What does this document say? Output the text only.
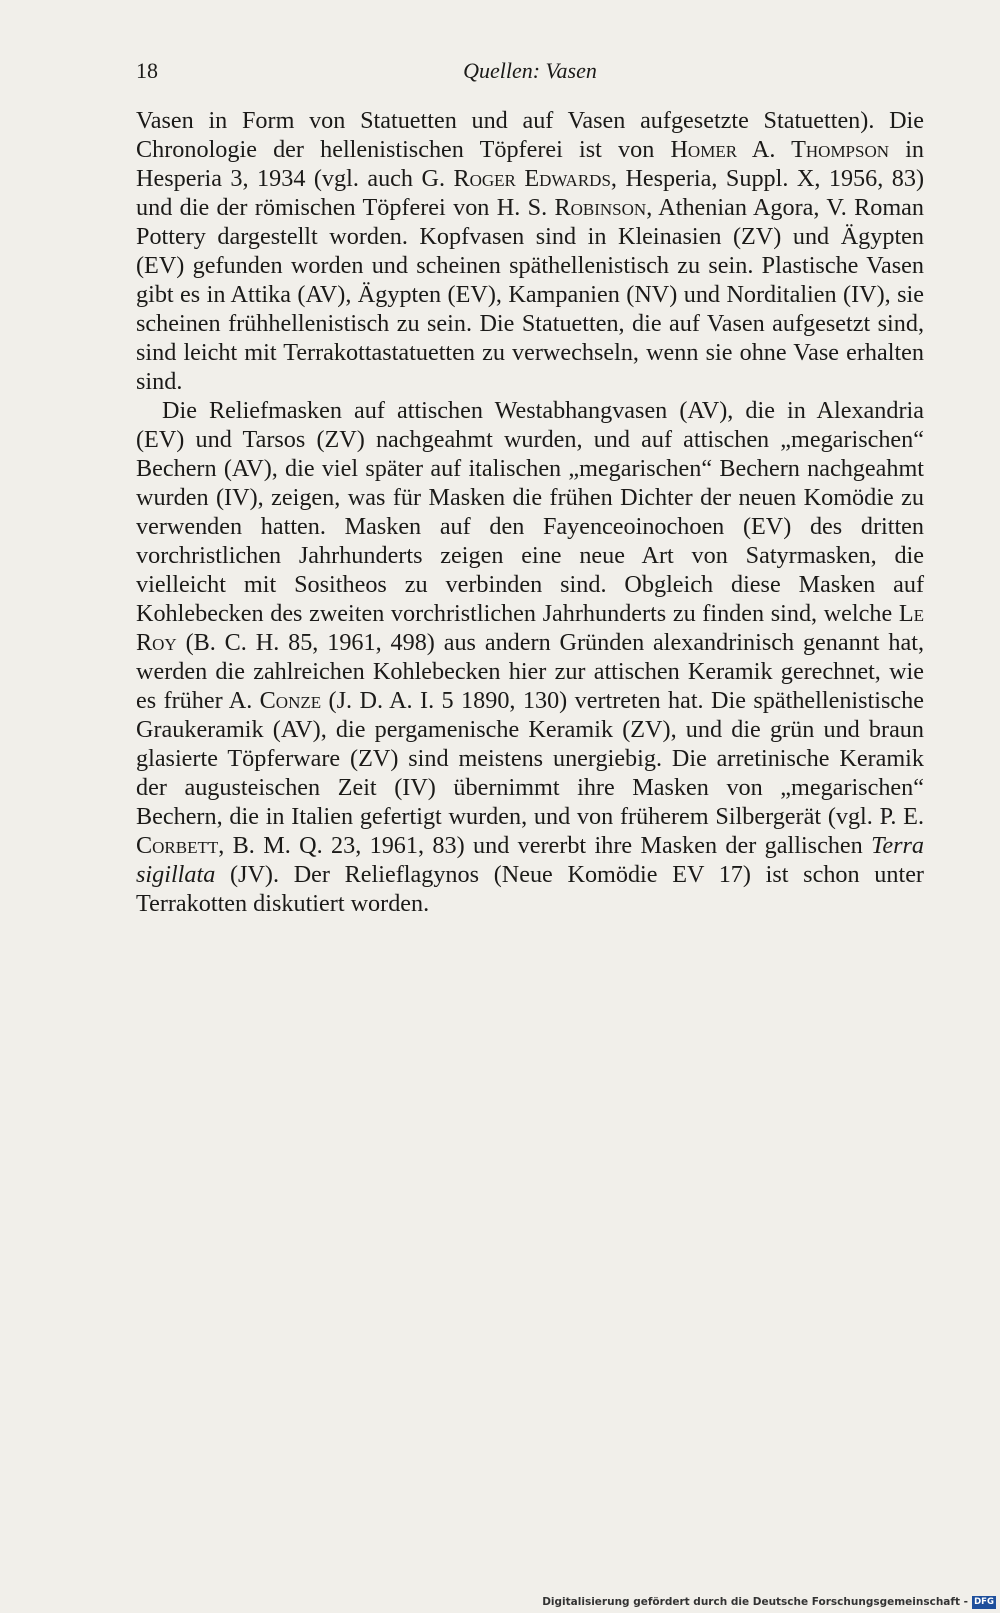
18	Quellen: Vasen

Vasen in Form von Statuetten und auf Vasen aufgesetzte Statuetten). Die Chronologie der hellenistischen Töpferei ist von Homer A. Thompson in Hesperia 3, 1934 (vgl. auch G. Roger Edwards, Hesperia, Suppl. X, 1956, 83) und die der römischen Töpferei von H. S. Robinson, Athenian Agora, V. Roman Pottery dargestellt worden. Kopfvasen sind in Kleinasien (ZV) und Ägypten (EV) gefunden worden und scheinen späthellenistisch zu sein. Plastische Vasen gibt es in Attika (AV), Ägypten (EV), Kampanien (NV) und Norditalien (IV), sie scheinen frühhellenistisch zu sein. Die Statuetten, die auf Vasen aufgesetzt sind, sind leicht mit Terrakottastatuetten zu verwechseln, wenn sie ohne Vase erhalten sind.

Die Reliefmasken auf attischen Westabhangvasen (AV), die in Alexandria (EV) und Tarsos (ZV) nachgeahmt wurden, und auf attischen „megarischen“ Bechern (AV), die viel später auf italischen „megarischen“ Bechern nachgeahmt wurden (IV), zeigen, was für Masken die frühen Dichter der neuen Komödie zu verwenden hatten. Masken auf den Fayenceoinochoen (EV) des dritten vorchristlichen Jahrhunderts zeigen eine neue Art von Satyrmasken, die vielleicht mit Sositheos zu verbinden sind. Obgleich diese Masken auf Kohlebecken des zweiten vorchristlichen Jahrhunderts zu finden sind, welche Le Roy (B. C. H. 85, 1961, 498) aus andern Gründen alexandrinisch genannt hat, werden die zahlreichen Kohlebecken hier zur attischen Keramik gerechnet, wie es früher A. Conze (J. D. A. I. 5 1890, 130) vertreten hat. Die späthellenistische Graukeramik (AV), die pergamenische Keramik (ZV), und die grün und braun glasierte Töpferware (ZV) sind meistens unergiebig. Die arretinische Keramik der augusteischen Zeit (IV) übernimmt ihre Masken von „megarischen“ Bechern, die in Italien gefertigt wurden, und von früherem Silbergerät (vgl. P. E. Corbett, B. M. Q. 23, 1961, 83) und vererbt ihre Masken der gallischen Terra sigillata (JV). Der Relieflagynos (Neue Komödie EV 17) ist schon unter Terrakotten diskutiert worden.

Digitalisierung gefördert durch die Deutsche Forschungsgemeinschaft - DFG
